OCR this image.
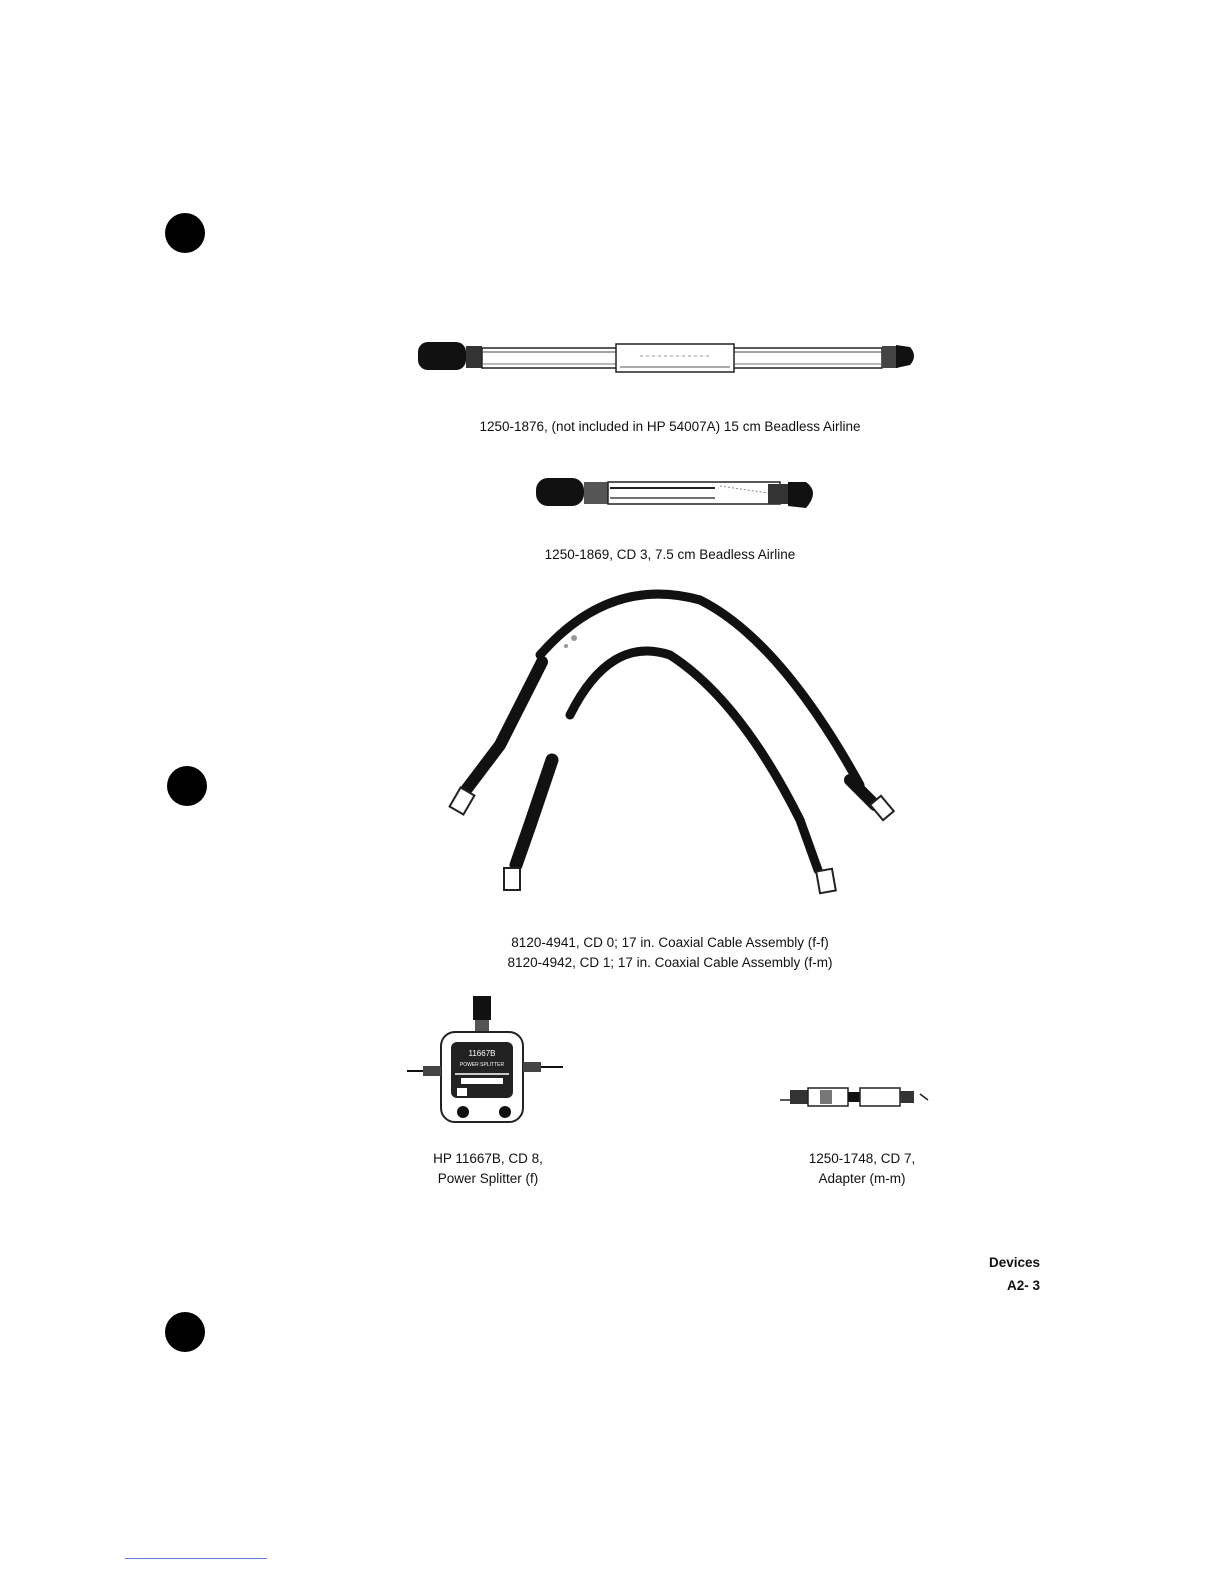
1250-1876, (not included in HP 54007A) 15 cm Beadless Airline
1250-1869, CD 3, 7.5 cm Beadless Airline
8120-4941, CD 0; 17 in. Coaxial Cable Assembly (f-f)
8120-4942, CD 1; 17 in. Coaxial Cable Assembly (f-m)
11667B
POWER SPLITTER
HP 11667B, CD 8,
Power Splitter (f)
1250-1748, CD 7,
Adapter (m-m)
Devices
A2- 3
